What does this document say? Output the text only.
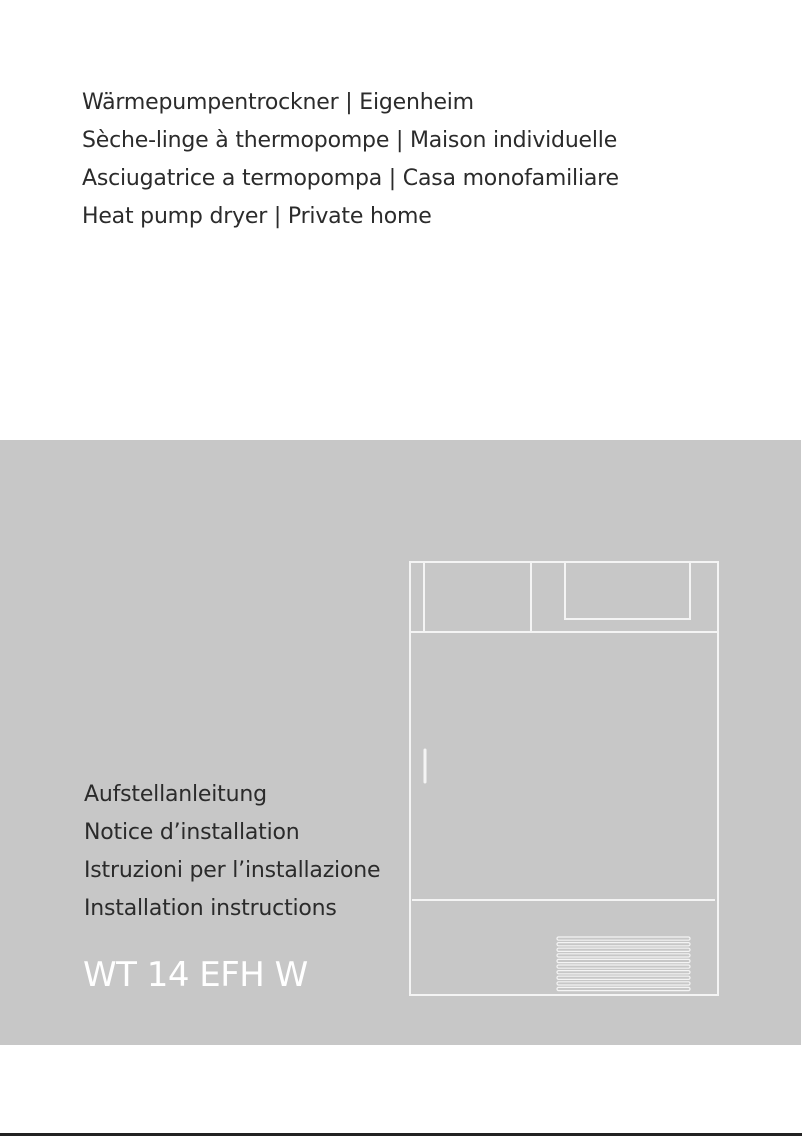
Wärmepumpentrockner | Eigenheim
Sèche-linge à thermopompe | Maison individuelle
Asciugatrice a termopompa | Casa monofamiliare
Heat pump dryer | Private home
Aufstellanleitung
Notice d’installation
Istruzioni per l’installazione
Installation instructions
WT 14 EFH W
